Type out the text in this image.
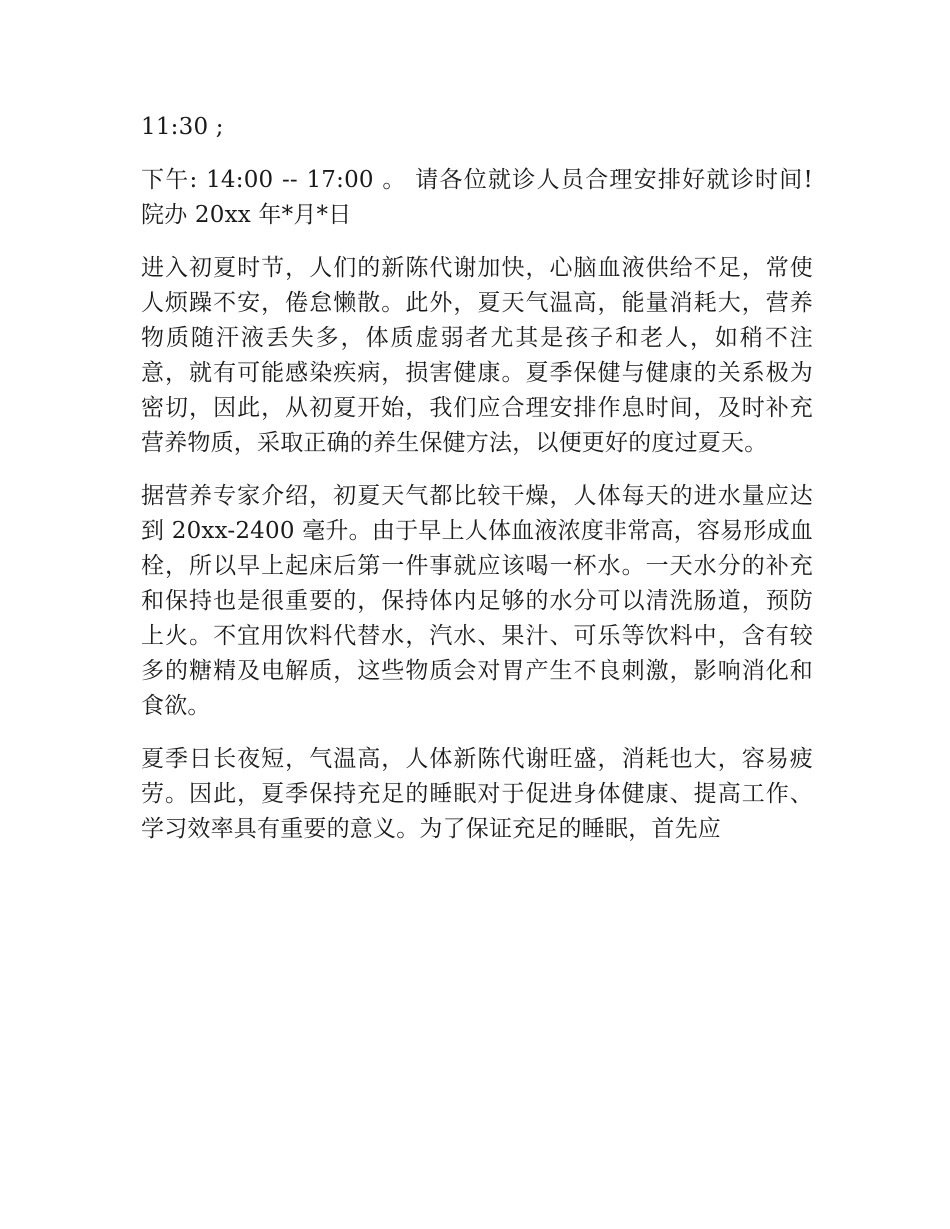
11:30 ;

下午: 14:00 -- 17:00 。 请各位就诊人员合理安排好就诊时间! 院办 20xx 年*月*日

进入初夏时节，人们的新陈代谢加快，心脑血液供给不足，常使人烦躁不安，倦怠懒散。此外，夏天气温高，能量消耗大，营养物质随汗液丢失多，体质虚弱者尤其是孩子和老人，如稍不注意，就有可能感染疾病，损害健康。夏季保健与健康的关系极为密切，因此，从初夏开始，我们应合理安排作息时间，及时补充营养物质，采取正确的养生保健方法，以便更好的度过夏天。

据营养专家介绍，初夏天气都比较干燥，人体每天的进水量应达到 20xx-2400 毫升。由于早上人体血液浓度非常高，容易形成血栓，所以早上起床后第一件事就应该喝一杯水。一天水分的补充和保持也是很重要的，保持体内足够的水分可以清洗肠道，预防上火。不宜用饮料代替水，汽水、果汁、可乐等饮料中，含有较多的糖精及电解质，这些物质会对胃产生不良刺激，影响消化和食欲。

夏季日长夜短，气温高，人体新陈代谢旺盛，消耗也大，容易疲劳。因此，夏季保持充足的睡眠对于促进身体健康、提高工作、学习效率具有重要的意义。为了保证充足的睡眠，首先应
